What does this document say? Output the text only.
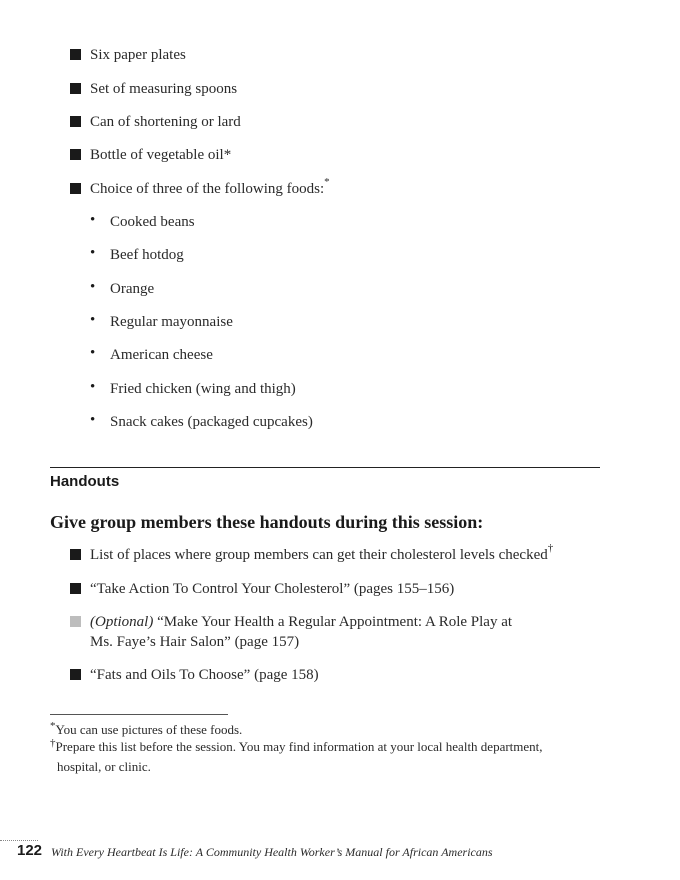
Six paper plates
Set of measuring spoons
Can of shortening or lard
Bottle of vegetable oil*
Choice of three of the following foods:*
• Cooked beans
• Beef hotdog
• Orange
• Regular mayonnaise
• American cheese
• Fried chicken (wing and thigh)
• Snack cakes (packaged cupcakes)
Handouts
Give group members these handouts during this session:
List of places where group members can get their cholesterol levels checked†
“Take Action To Control Your Cholesterol” (pages 155–156)
(Optional) “Make Your Health a Regular Appointment: A Role Play at
Ms. Faye’s Hair Salon” (page 157)
“Fats and Oils To Choose” (page 158)
*You can use pictures of these foods.
†Prepare this list before the session. You may find information at your local health department,
hospital, or clinic.
122 With Every Heartbeat Is Life: A Community Health Worker’s Manual for African Americans
